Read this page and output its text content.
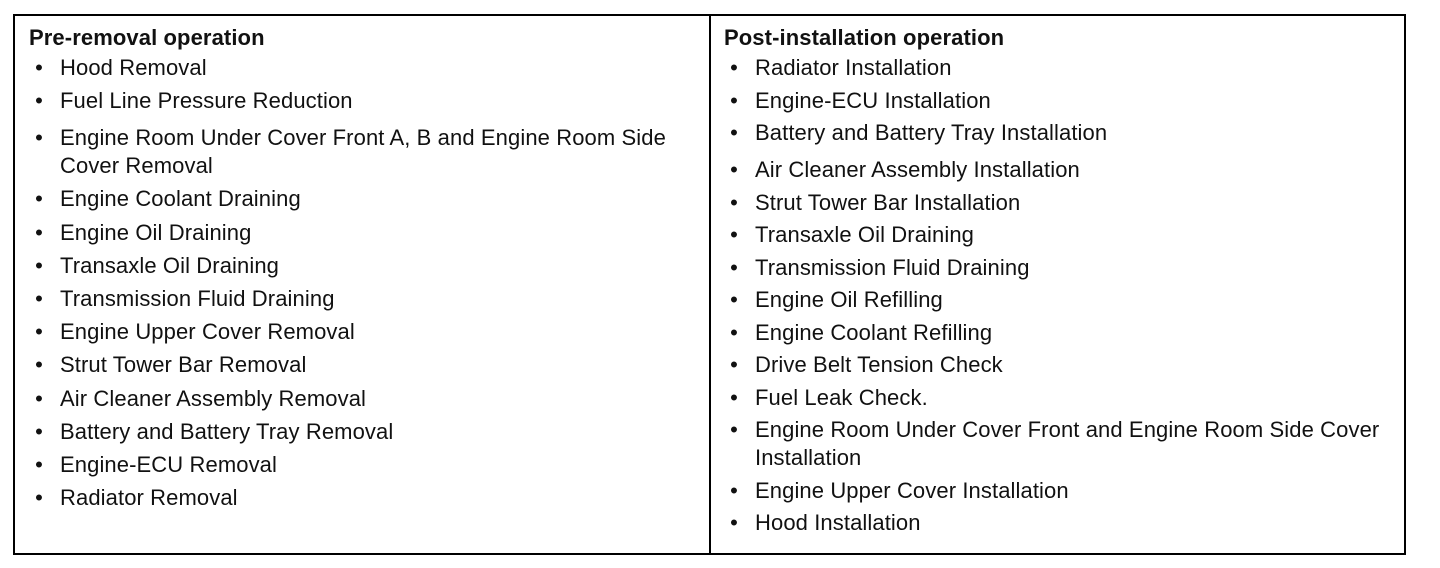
Pre-removal operation
• Hood Removal
• Fuel Line Pressure Reduction
• Engine Room Under Cover Front A, B and Engine Room Side Cover Removal
• Engine Coolant Draining
• Engine Oil Draining
• Transaxle Oil Draining
• Transmission Fluid Draining
• Engine Upper Cover Removal
• Strut Tower Bar Removal
• Air Cleaner Assembly Removal
• Battery and Battery Tray Removal
• Engine-ECU Removal
• Radiator Removal
Post-installation operation
• Radiator Installation
• Engine-ECU Installation
• Battery and Battery Tray Installation
• Air Cleaner Assembly Installation
• Strut Tower Bar Installation
• Transaxle Oil Draining
• Transmission Fluid Draining
• Engine Oil Refilling
• Engine Coolant Refilling
• Drive Belt Tension Check
• Fuel Leak Check.
• Engine Room Under Cover Front and Engine Room Side Cover Installation
• Engine Upper Cover Installation
• Hood Installation
